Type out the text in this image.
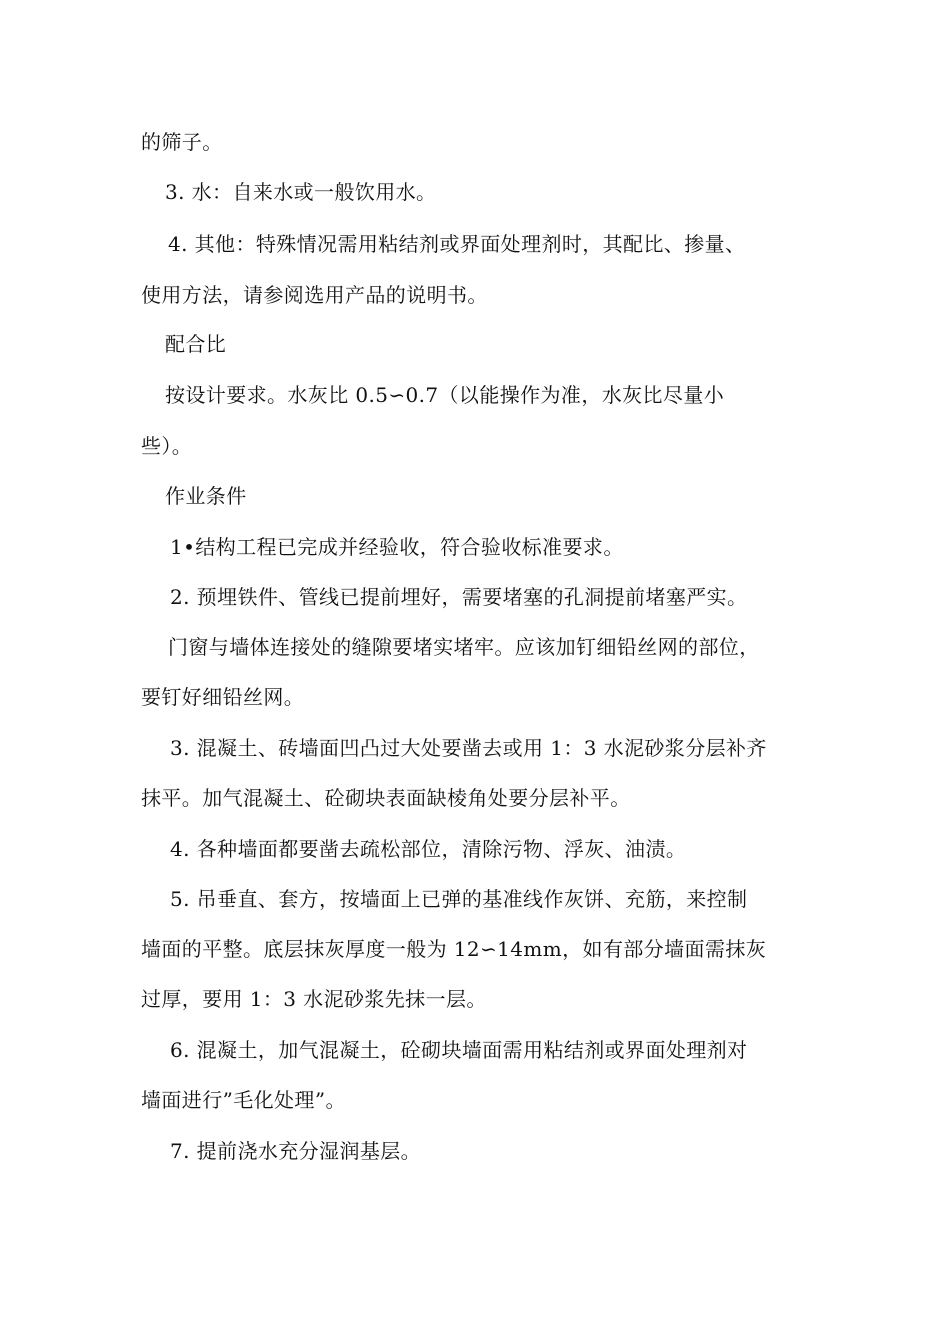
的筛子。
3. 水：自来水或一般饮用水。
4. 其他：特殊情况需用粘结剂或界面处理剂时，其配比、掺量、
使用方法，请参阅选用产品的说明书。
配合比
按设计要求。水灰比 0.5∽0.7（以能操作为准，水灰比尽量小
些）。
作业条件
1•结构工程已完成并经验收，符合验收标准要求。
2. 预埋铁件、管线已提前埋好，需要堵塞的孔洞提前堵塞严实。
门窗与墙体连接处的缝隙要堵实堵牢。应该加钉细铅丝网的部位，
要钉好细铅丝网。
3. 混凝土、砖墙面凹凸过大处要凿去或用 1：3 水泥砂浆分层补齐
抹平。加气混凝土、砼砌块表面缺棱角处要分层补平。
4. 各种墙面都要凿去疏松部位，清除污物、浮灰、油渍。
5. 吊垂直、套方，按墙面上已弹的基准线作灰饼、充筋，来控制
墙面的平整。底层抹灰厚度一般为 12∽14mm，如有部分墙面需抹灰
过厚，要用 1：3 水泥砂浆先抹一层。
6. 混凝土，加气混凝土，砼砌块墙面需用粘结剂或界面处理剂对
墙面进行”毛化处理”。
7. 提前浇水充分湿润基层。
